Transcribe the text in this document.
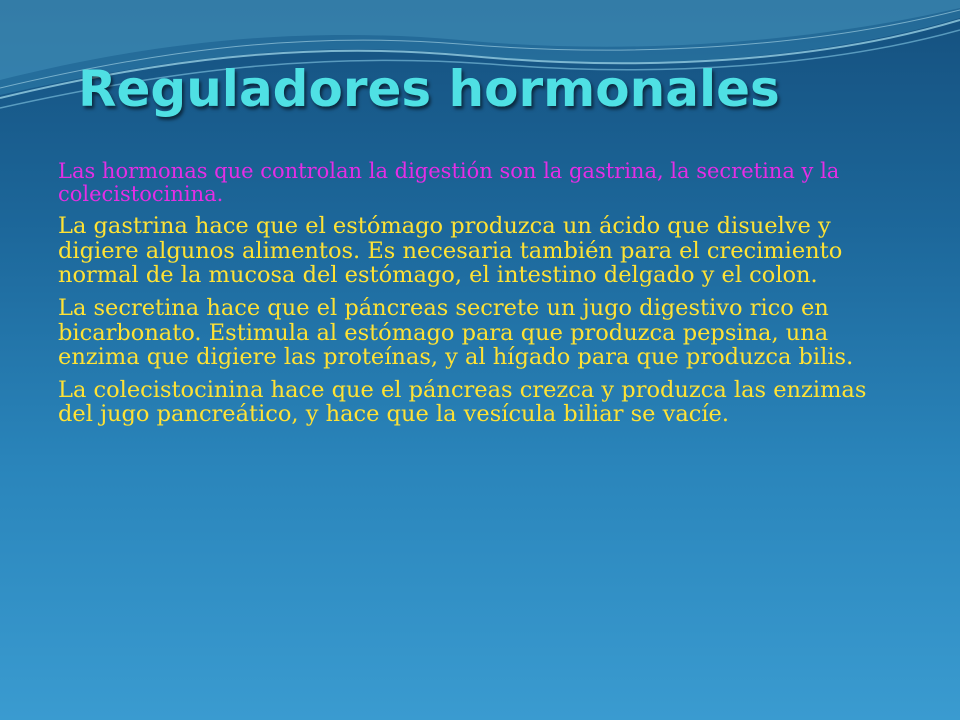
Reguladores hormonales

Las hormonas que controlan la digestión son la gastrina, la secretina y la colecistocinina.

La gastrina hace que el estómago produzca un ácido que disuelve y digiere algunos alimentos. Es necesaria también para el crecimiento normal de la mucosa del estómago, el intestino delgado y el colon.

La secretina hace que el páncreas secrete un jugo digestivo rico en bicarbonato. Estimula al estómago para que produzca pepsina, una enzima que digiere las proteínas, y al hígado para que produzca bilis.

La colecistocinina hace que el páncreas crezca y produzca las enzimas del jugo pancreático, y hace que la vesícula biliar se vacíe.
